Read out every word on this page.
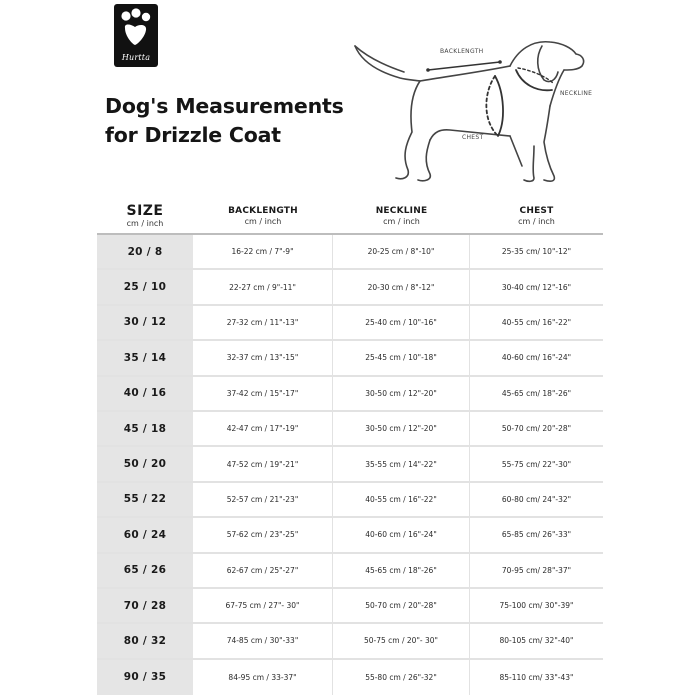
Hurtta
Dog's Measurements
for Drizzle Coat
BACKLENGTH
NECKLINE
CHEST
SIZE
cm / inch
BACKLENGTH
cm / inch
NECKLINE
cm / inch
CHEST
cm / inch
20 / 8	16-22 cm / 7"-9"	20-25 cm / 8"-10"	25-35 cm/ 10"-12"
25 / 10	22-27 cm / 9"-11"	20-30 cm / 8"-12"	30-40 cm/ 12"-16"
30 / 12	27-32 cm / 11"-13"	25-40 cm / 10"-16"	40-55 cm/ 16"-22"
35 / 14	32-37 cm / 13"-15"	25-45 cm / 10"-18"	40-60 cm/ 16"-24"
40 / 16	37-42 cm / 15"-17"	30-50 cm / 12"-20"	45-65 cm/ 18"-26"
45 / 18	42-47 cm / 17"-19"	30-50 cm / 12"-20"	50-70 cm/ 20"-28"
50 / 20	47-52 cm / 19"-21"	35-55 cm / 14"-22"	55-75 cm/ 22"-30"
55 / 22	52-57 cm / 21"-23"	40-55 cm / 16"-22"	60-80 cm/ 24"-32"
60 / 24	57-62 cm / 23"-25"	40-60 cm / 16"-24"	65-85 cm/ 26"-33"
65 / 26	62-67 cm / 25"-27"	45-65 cm / 18"-26"	70-95 cm/ 28"-37"
70 / 28	67-75 cm / 27"- 30"	50-70 cm / 20"-28"	75-100 cm/ 30"-39"
80 / 32	74-85 cm / 30"-33"	50-75 cm / 20"- 30"	80-105 cm/ 32"-40"
90 / 35	84-95 cm / 33-37"	55-80 cm / 26"-32"	85-110 cm/ 33"-43"
